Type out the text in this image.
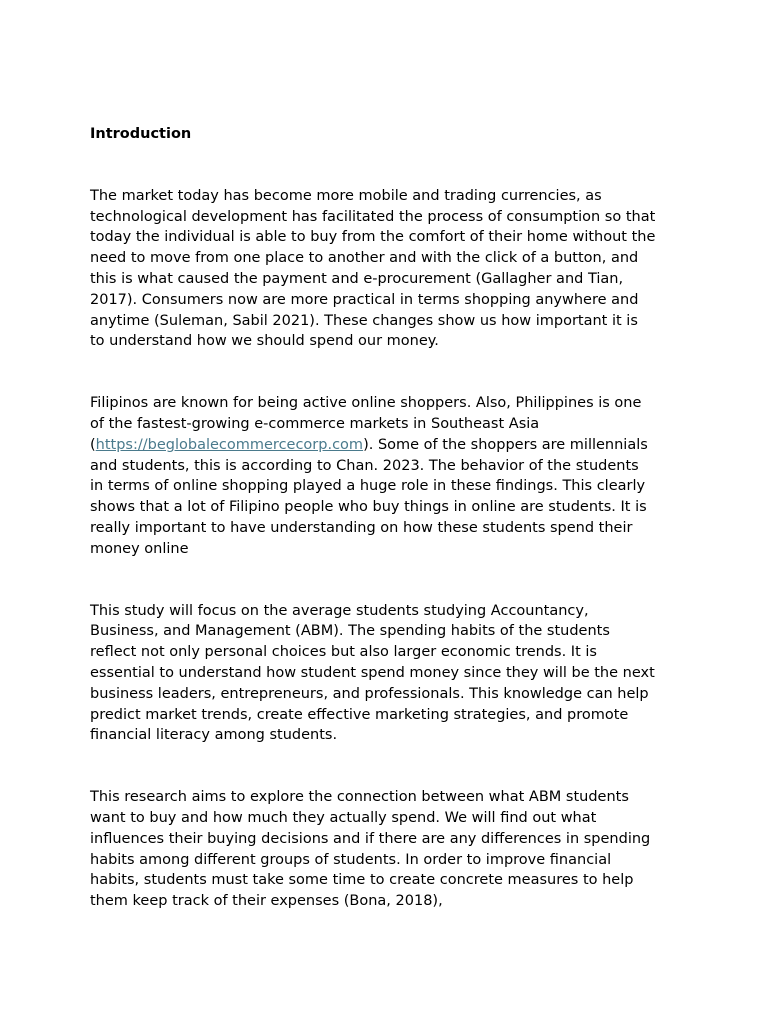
Introduction
The market today has become more mobile and trading currencies, as
technological development has facilitated the process of consumption so that
today the individual is able to buy from the comfort of their home without the
need to move from one place to another and with the click of a button, and
this is what caused the payment and e-procurement (Gallagher and Tian,
2017). Consumers now are more practical in terms shopping anywhere and
anytime (Suleman, Sabil 2021). These changes show us how important it is
to understand how we should spend our money.
Filipinos are known for being active online shoppers. Also, Philippines is one
of the fastest-growing e-commerce markets in Southeast Asia
(https://beglobalecommercecorp.com). Some of the shoppers are millennials
and students, this is according to Chan. 2023. The behavior of the students
in terms of online shopping played a huge role in these findings. This clearly
shows that a lot of Filipino people who buy things in online are students. It is
really important to have understanding on how these students spend their
money online
This study will focus on the average students studying Accountancy,
Business, and Management (ABM). The spending habits of the students
reflect not only personal choices but also larger economic trends. It is
essential to understand how student spend money since they will be the next
business leaders, entrepreneurs, and professionals. This knowledge can help
predict market trends, create effective marketing strategies, and promote
financial literacy among students.
This research aims to explore the connection between what ABM students
want to buy and how much they actually spend. We will find out what
influences their buying decisions and if there are any differences in spending
habits among different groups of students. In order to improve financial
habits, students must take some time to create concrete measures to help
them keep track of their expenses (Bona, 2018),
